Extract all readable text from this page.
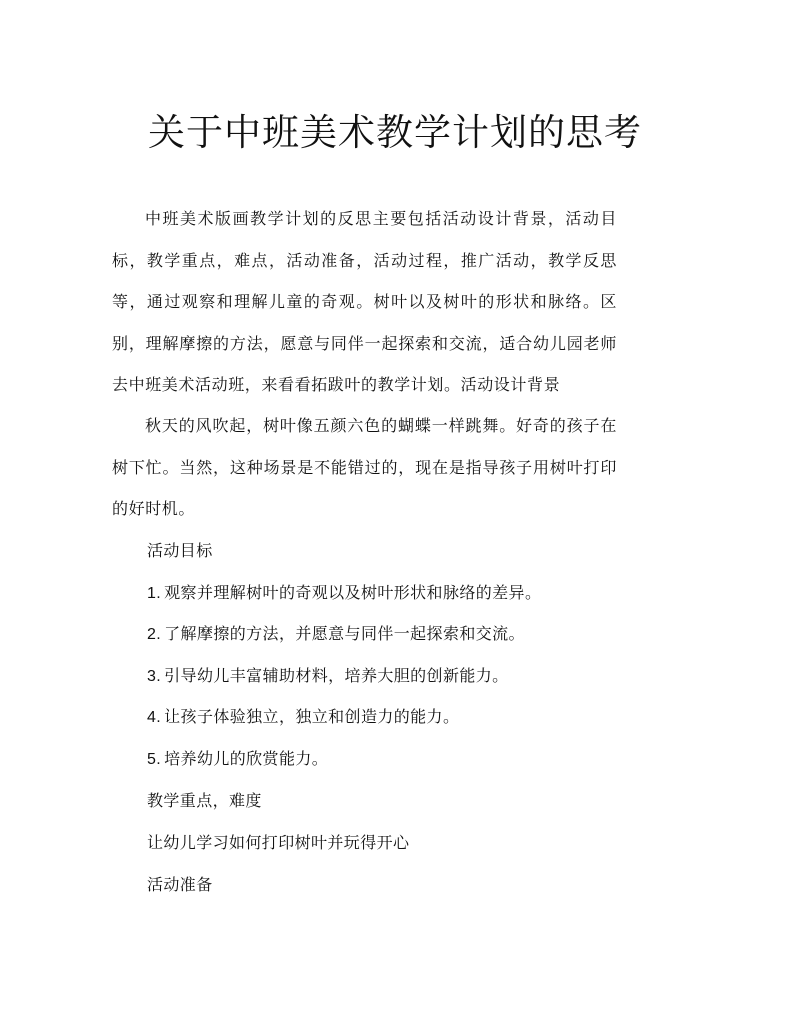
关于中班美术教学计划的思考

中班美术版画教学计划的反思主要包括活动设计背景，活动目标，教学重点，难点，活动准备，活动过程，推广活动，教学反思等，通过观察和理解儿童的奇观。树叶以及树叶的形状和脉络。区别，理解摩擦的方法，愿意与同伴一起探索和交流，适合幼儿园老师去中班美术活动班，来看看拓跋叶的教学计划。活动设计背景

秋天的风吹起，树叶像五颜六色的蝴蝶一样跳舞。好奇的孩子在树下忙。当然，这种场景是不能错过的，现在是指导孩子用树叶打印的好时机。

活动目标

1. 观察并理解树叶的奇观以及树叶形状和脉络的差异。

2. 了解摩擦的方法，并愿意与同伴一起探索和交流。

3. 引导幼儿丰富辅助材料，培养大胆的创新能力。

4. 让孩子体验独立，独立和创造力的能力。

5. 培养幼儿的欣赏能力。

教学重点，难度

让幼儿学习如何打印树叶并玩得开心

活动准备
